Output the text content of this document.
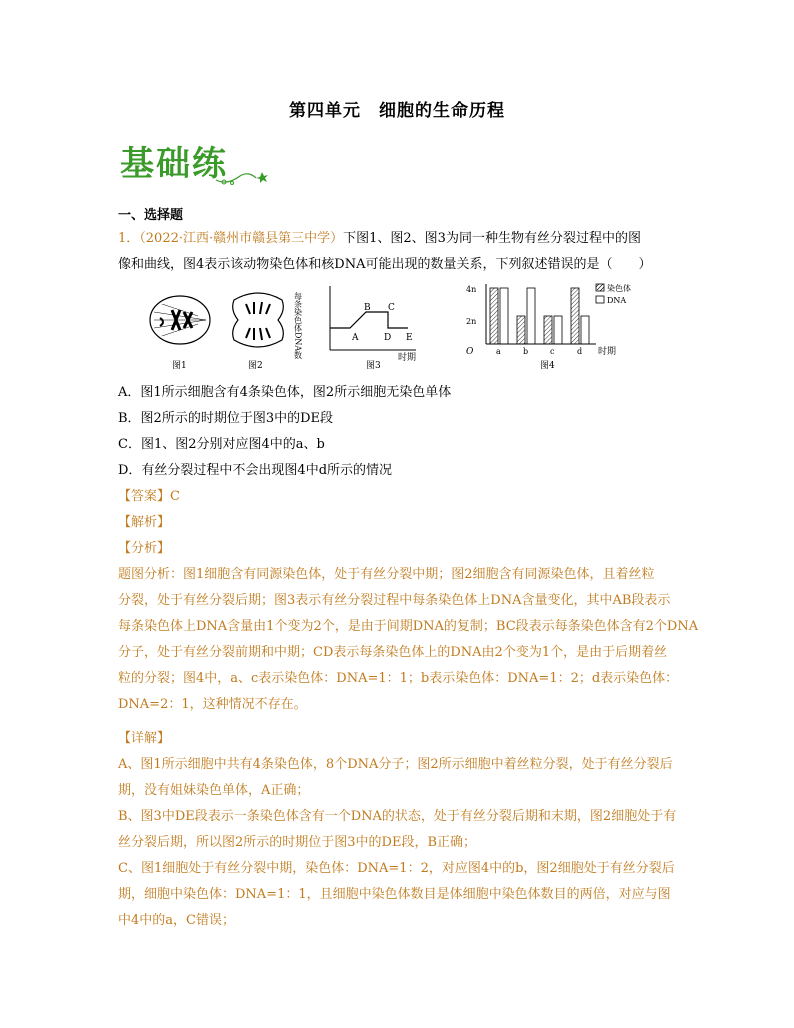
第四单元　细胞的生命历程
基础练
一、选择题
1．（2022·江西·赣州市赣县第三中学）下图1、图2、图3为同一种生物有丝分裂过程中的图
像和曲线，图4表示该动物染色体和核DNA可能出现的数量关系，下列叙述错误的是（　　）
图1	图2
每条染色体DNA数	A
B C
D E
时期
图3
4n
2n
O	时期
染色体
DNA
a	b	c	d
图4
A．图1所示细胞含有4条染色体，图2所示细胞无染色单体
B．图2所示的时期位于图3中的DE段
C．图1、图2分别对应图4中的a、b
D．有丝分裂过程中不会出现图4中d所示的情况
【答案】C
【解析】
【分析】
题图分析：图1细胞含有同源染色体，处于有丝分裂中期；图2细胞含有同源染色体，且着丝粒
分裂，处于有丝分裂后期；图3表示有丝分裂过程中每条染色体上DNA含量变化，其中AB段表示
每条染色体上DNA含量由1个变为2个，是由于间期DNA的复制；BC段表示每条染色体含有2个DNA
分子，处于有丝分裂前期和中期；CD表示每条染色体上的DNA由2个变为1个，是由于后期着丝
粒的分裂；图4中，a、c表示染色体：DNA=1：1；b表示染色体：DNA=1：2；d表示染色体：
DNA=2：1，这种情况不存在。
【详解】
A、图1所示细胞中共有4条染色体，8个DNA分子；图2所示细胞中着丝粒分裂，处于有丝分裂后
期，没有姐妹染色单体，A正确；
B、图3中DE段表示一条染色体含有一个DNA的状态，处于有丝分裂后期和末期，图2细胞处于有
丝分裂后期，所以图2所示的时期位于图3中的DE段，B正确；
C、图1细胞处于有丝分裂中期，染色体：DNA=1：2，对应图4中的b，图2细胞处于有丝分裂后
期，细胞中染色体：DNA=1：1，且细胞中染色体数目是体细胞中染色体数目的两倍，对应与图
中4中的a，C错误；
